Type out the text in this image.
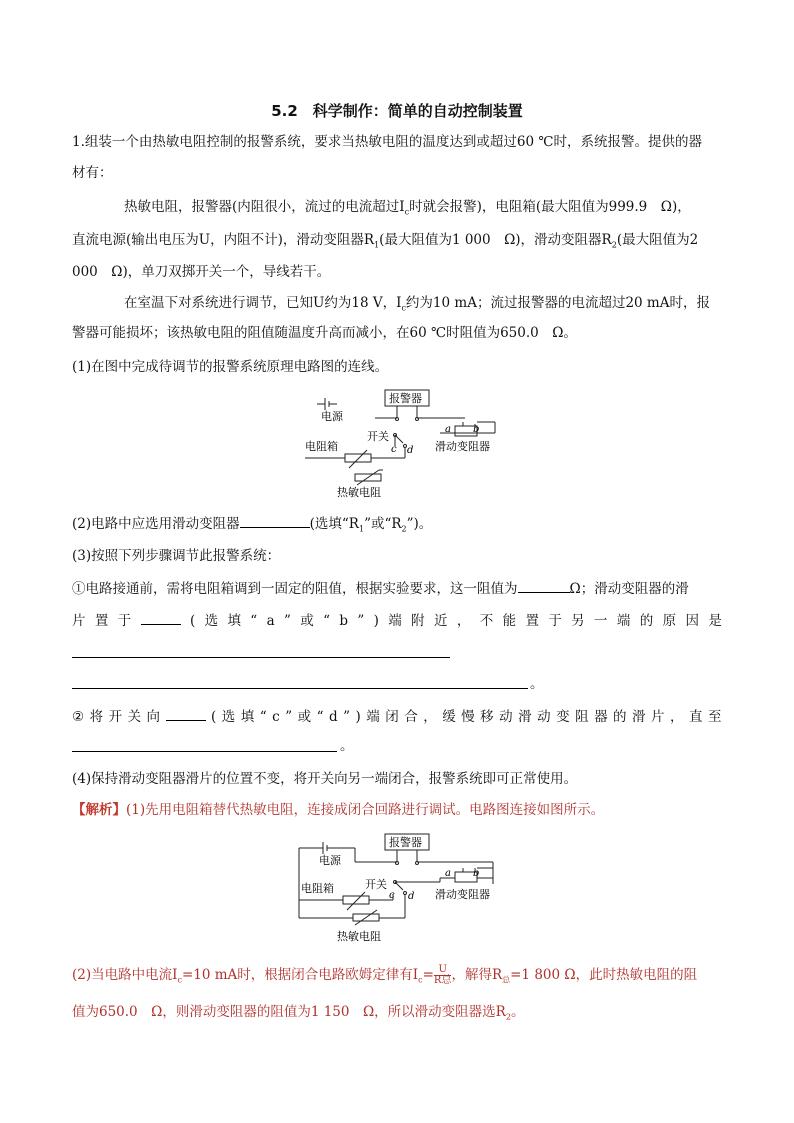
5.2　科学制作：简单的自动控制装置
1.组装一个由热敏电阻控制的报警系统，要求当热敏电阻的温度达到或超过60 ℃时，系统报警。提供的器
材有：
热敏电阻，报警器(内阻很小，流过的电流超过$I_c$时就会报警)，电阻箱(最大阻值为999.9　Ω)，
直流电源(输出电压为U，内阻不计)，滑动变阻器$R_1$(最大阻值为1 000　Ω)，滑动变阻器$R_2$(最大阻值为2
000　Ω)，单刀双掷开关一个，导线若干。
在室温下对系统进行调节，已知U约为18 V，$I_c$约为10 mA；流过报警器的电流超过20 mA时，报
警器可能损坏；该热敏电阻的阻值随温度升高而减小，在60 ℃时阻值为650.0　Ω。
(1)在图中完成待调节的报警系统原理电路图的连线。
电源
报警器
开关
电阻箱	滑动变阻器
热敏电阻
a b
c d
(2)电路中应选用滑动变阻器	(选填“$R_1$”或“$R_2$”)。
(3)按照下列步骤调节此报警系统：
①电路接通前，需将电阻箱调到一固定的阻值，根据实验要求，这一阻值为	Ω；滑动变阻器的滑
片 置 于	( 选 填 “ a ” 或 “ b ” ) 端 附 近 ， 不 能 置 于 另 一 端 的 原 因 是
。
② 将 开 关 向	( 选 填 “ c ” 或 “ d ” ) 端 闭 合 ， 缓 慢 移 动 滑 动 变 阻 器 的 滑 片 ， 直 至
。
(4)保持滑动变阻器滑片的位置不变，将开关向另一端闭合，报警系统即可正常使用。
【解析】(1)先用电阻箱替代热敏电阻，连接成闭合回路进行调试。电路图连接如图所示。
电源
报警器
开关
电阻箱	滑动变阻器
热敏电阻
a b
c d
(2)当电路中电流$I_c=10$ mA时，根据闭合电路欧姆定律有$I_c= \frac{U}{\text{R总}}$ ，解得$R_总=1$ 800 Ω，此时热敏电阻的阻
值为650.0　Ω，则滑动变阻器的阻值为1 150　Ω，所以滑动变阻器选$R_2$。
